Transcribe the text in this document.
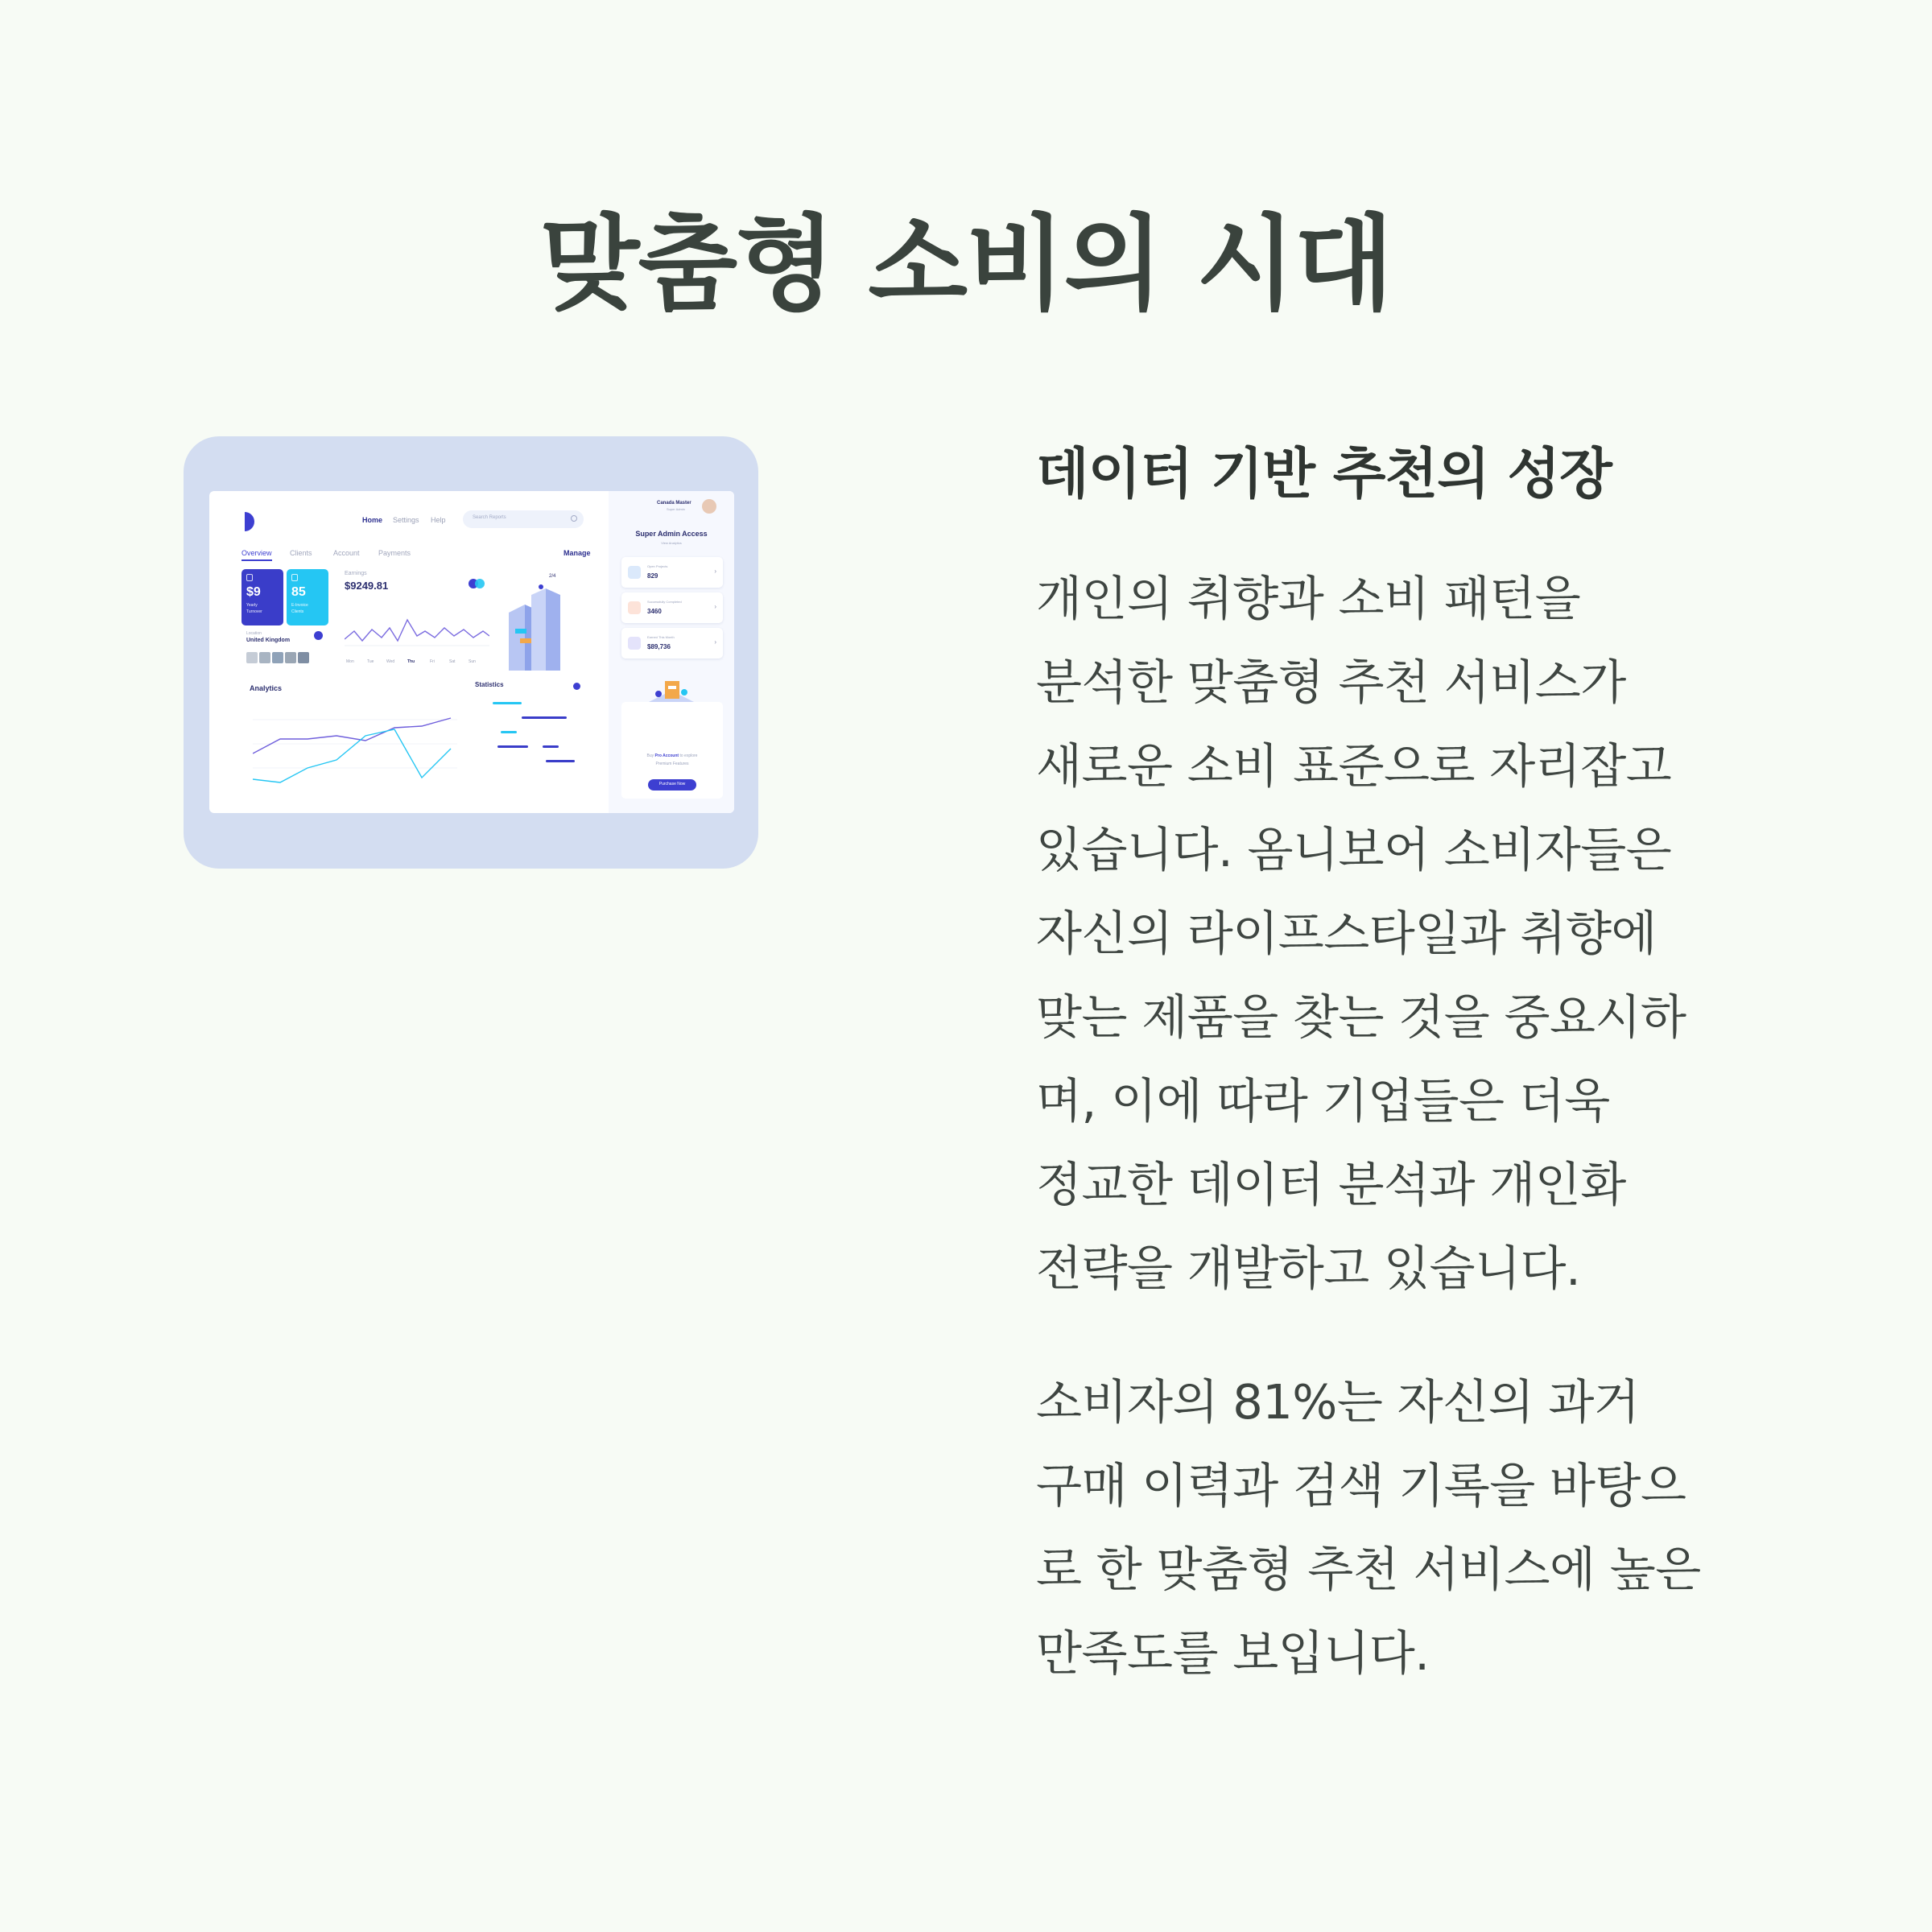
맞춤형 소비의 시대
Home Settings Help	Search Reports
Overview Clients	Account	Payments	Manage
$9
Yearly
Turnover
85
E-Invoice
Clients
Location
United Kingdom
Earnings
$9249.81
Mon	Tue	Wed	Thu	Fri	Sat	Sun
2/4
Analytics	Statistics
Canada Master
Super Admin
Super Admin Access
View Analytics
Open Projects
829
›
Successfully Completed
3460
›
Earned This Month
$89,736
›
Buy Pro Account to explore
Premium Features
Purchase Now
데이터 기반 추천의 성장

개인의 취향과 소비 패턴을
분석한 맞춤형 추천 서비스가
새로운 소비 표준으로 자리잡고
있습니다. 옴니보어 소비자들은
자신의 라이프스타일과 취향에
맞는 제품을 찾는 것을 중요시하
며, 이에 따라 기업들은 더욱
정교한 데이터 분석과 개인화
전략을 개발하고 있습니다.

소비자의 81%는 자신의 과거
구매 이력과 검색 기록을 바탕으
로 한 맞춤형 추천 서비스에 높은
만족도를 보입니다.
